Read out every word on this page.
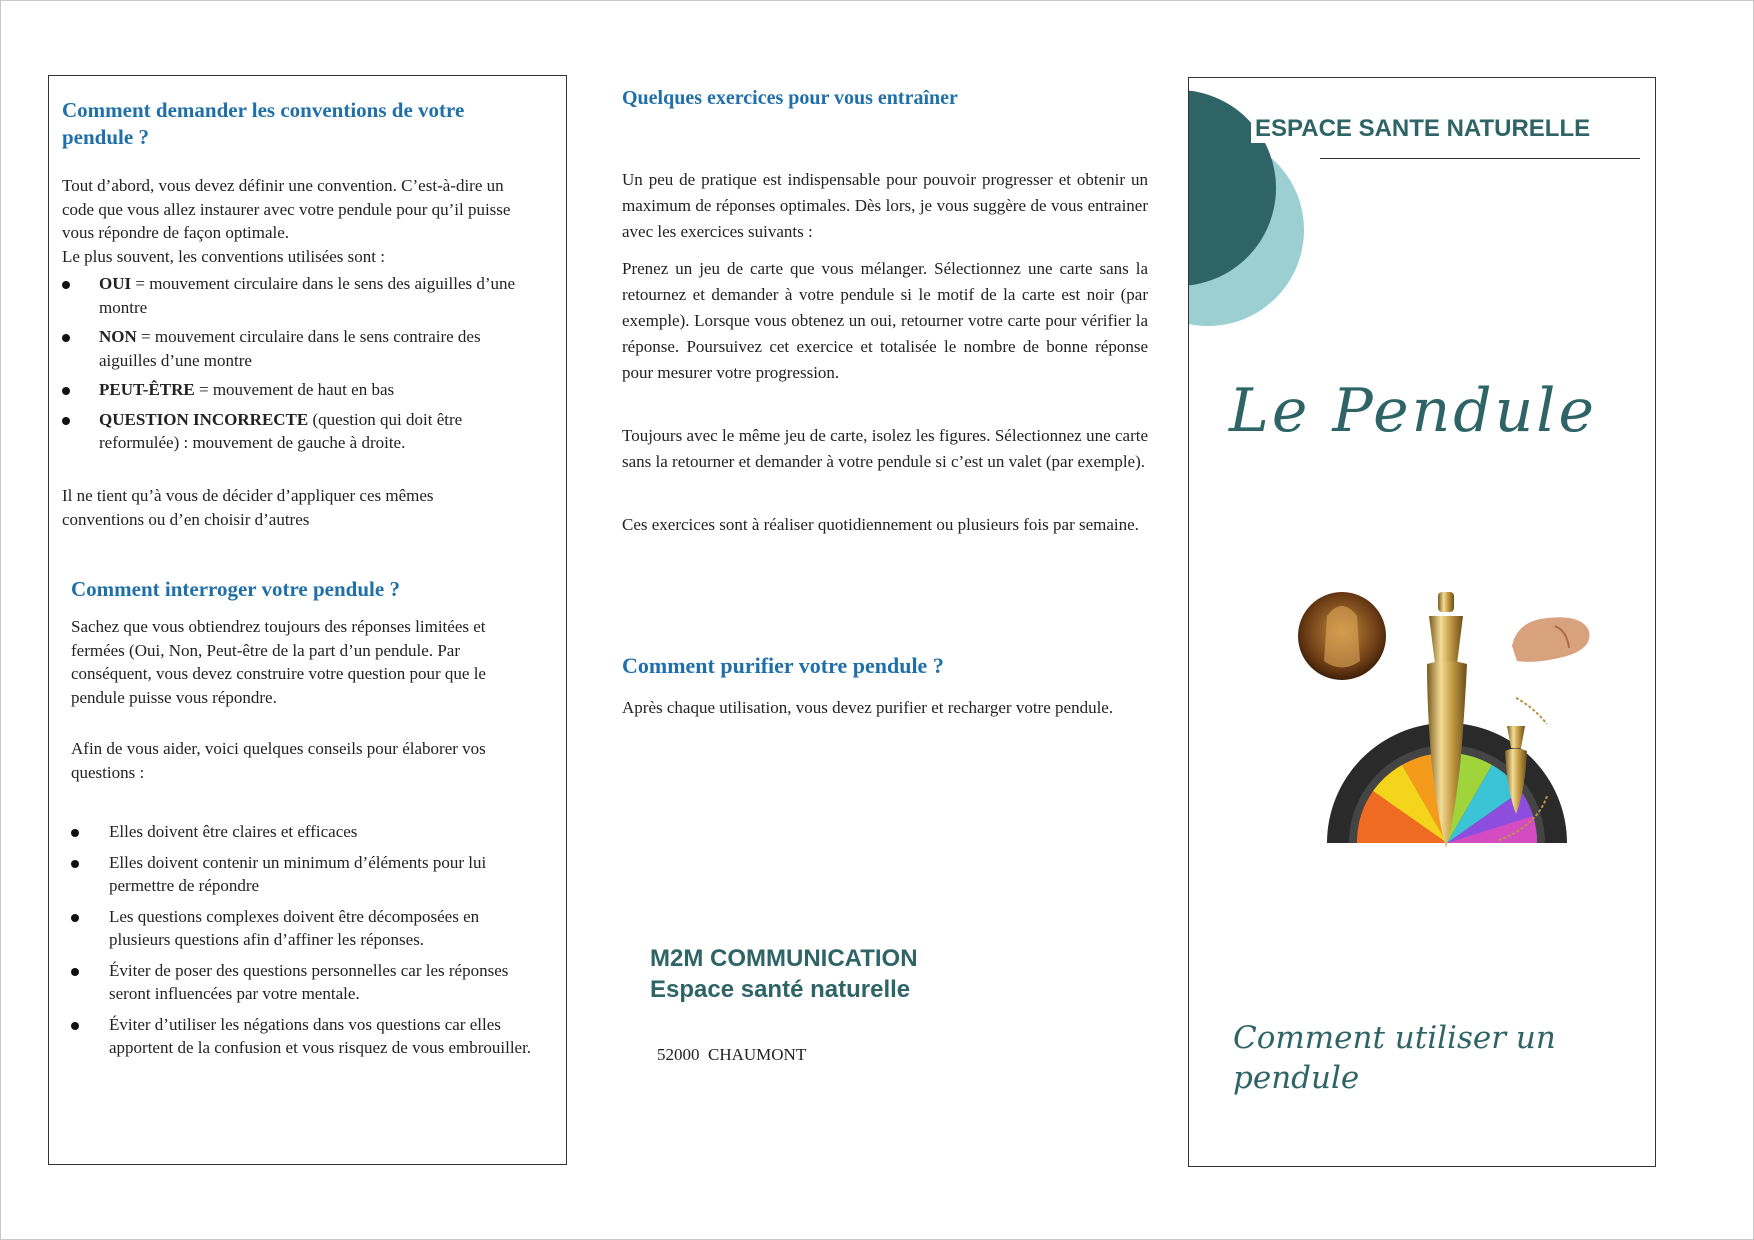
Comment demander les conventions de votre pendule ?

Tout d’abord, vous devez définir une convention. C’est-à-dire un code que vous allez instaurer avec votre pendule pour qu’il puisse vous répondre de façon optimale.

Le plus souvent, les conventions utilisées sont :

OUI = mouvement circulaire dans le sens des aiguilles d’une montre
NON = mouvement circulaire dans le sens contraire des aiguilles d’une montre
PEUT-ÊTRE = mouvement de haut en bas
QUESTION INCORRECTE (question qui doit être reformulée) : mouvement de gauche à droite.

Il ne tient qu’à vous de décider d’appliquer ces mêmes conventions ou d’en choisir d’autres

Comment interroger votre pendule ?

Sachez que vous obtiendrez toujours des réponses limitées et fermées (Oui, Non, Peut-être de la part d’un pendule. Par conséquent, vous devez construire votre question pour que le pendule puisse vous répondre.

Afin de vous aider, voici quelques conseils pour élaborer vos questions :

Elles doivent être claires et efficaces
Elles doivent contenir un minimum d’éléments pour lui permettre de répondre
Les questions complexes doivent être décomposées en plusieurs questions afin d’affiner les réponses.
Éviter de poser des questions personnelles car les réponses seront influencées par votre mentale.
Éviter d’utiliser les négations dans vos questions car elles apportent de la confusion et vous risquez de vous embrouiller.
Quelques exercices pour vous entraîner

Un peu de pratique est indispensable pour pouvoir progresser et obtenir un maximum de réponses optimales. Dès lors, je vous suggère de vous entrainer avec les exercices suivants :

Prenez un jeu de carte que vous mélanger. Sélectionnez une carte sans la retournez et demander à votre pendule si le motif de la carte est noir (par exemple). Lorsque vous obtenez un oui, retourner votre carte pour vérifier la réponse. Poursuivez cet exercice et totalisée le nombre de bonne réponse pour mesurer votre progression.

Toujours avec le même jeu de carte, isolez les figures. Sélectionnez une carte sans la retourner et demander à votre pendule si c’est un valet (par exemple).

Ces exercices sont à réaliser quotidiennement ou plusieurs fois par semaine.

Comment purifier votre pendule ?

Après chaque utilisation, vous devez purifier et recharger votre pendule.

M2M COMMUNICATION
Espace santé naturelle
52000  CHAUMONT
ESPACE SANTE NATURELLE
Le Pendule
Comment utiliser un pendule
